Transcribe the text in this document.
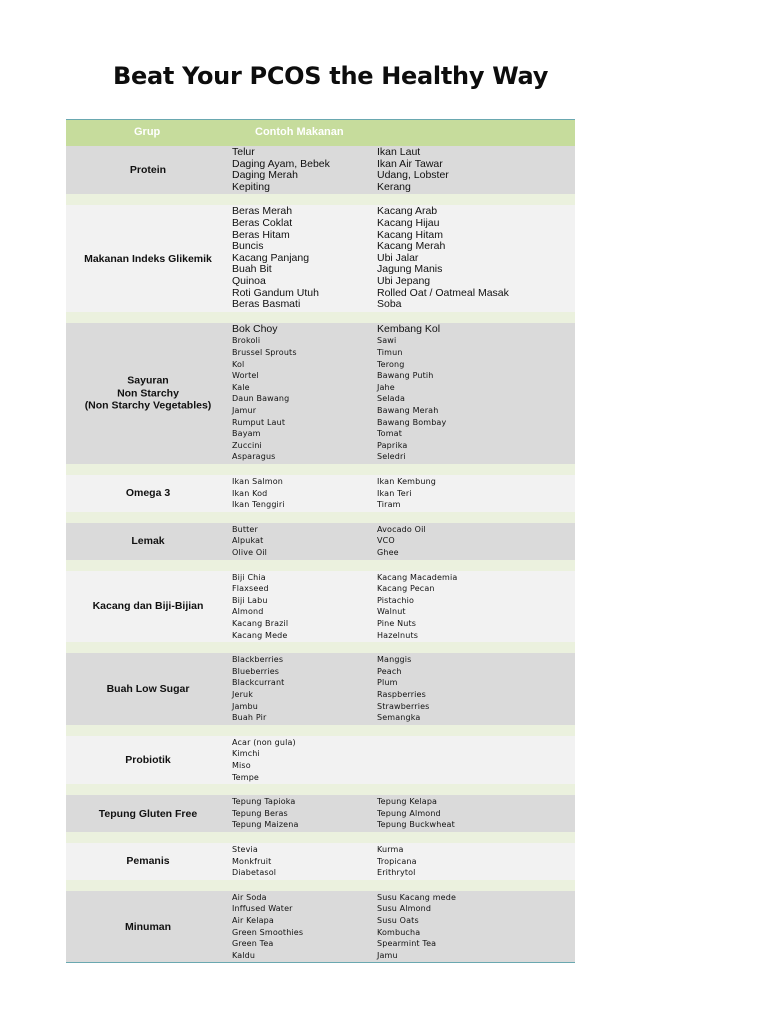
Beat Your PCOS the Healthy Way
Grup	Contoh Makanan
Protein
Telur
Daging Ayam, Bebek
Daging Merah
Kepiting
Ikan Laut
Ikan Air Tawar
Udang, Lobster
Kerang
Makanan Indeks Glikemik
Beras Merah
Beras Coklat
Beras Hitam
Buncis
Kacang Panjang
Buah Bit
Quinoa
Roti Gandum Utuh
Beras Basmati
Kacang Arab
Kacang Hijau
Kacang Hitam
Kacang Merah
Ubi Jalar
Jagung Manis
Ubi Jepang
Rolled Oat / Oatmeal Masak
Soba
Sayuran
Non Starchy
(Non Starchy Vegetables)
Bok Choy
Brokoli
Brussel Sprouts
Kol
Wortel
Kale
Daun Bawang
Jamur
Rumput Laut
Bayam
Zuccini
Asparagus
Kembang Kol
Sawi
Timun
Terong
Bawang Putih
Jahe
Selada
Bawang Merah
Bawang Bombay
Tomat
Paprika
Seledri
Omega 3
Ikan Salmon
Ikan Kod
Ikan Tenggiri
Ikan Kembung
Ikan Teri
Tiram
Lemak
Butter
Alpukat
Olive Oil
Avocado Oil
VCO
Ghee
Kacang dan Biji-Bijian
Biji Chia
Flaxseed
Biji Labu
Almond
Kacang Brazil
Kacang Mede
Kacang Macademia
Kacang Pecan
Pistachio
Walnut
Pine Nuts
Hazelnuts
Buah Low Sugar
Blackberries
Blueberries
Blackcurrant
Jeruk
Jambu
Buah Pir
Manggis
Peach
Plum
Raspberries
Strawberries
Semangka
Probiotik
Acar (non gula)
Kimchi
Miso
Tempe
Tepung Gluten Free
Tepung Tapioka
Tepung Beras
Tepung Maizena
Tepung Kelapa
Tepung Almond
Tepung Buckwheat
Pemanis
Stevia
Monkfruit
Diabetasol
Kurma
Tropicana
Erithrytol
Minuman
Air Soda
Inffused Water
Air Kelapa
Green Smoothies
Green Tea
Kaldu
Susu Kacang mede
Susu Almond
Susu Oats
Kombucha
Spearmint Tea
Jamu
